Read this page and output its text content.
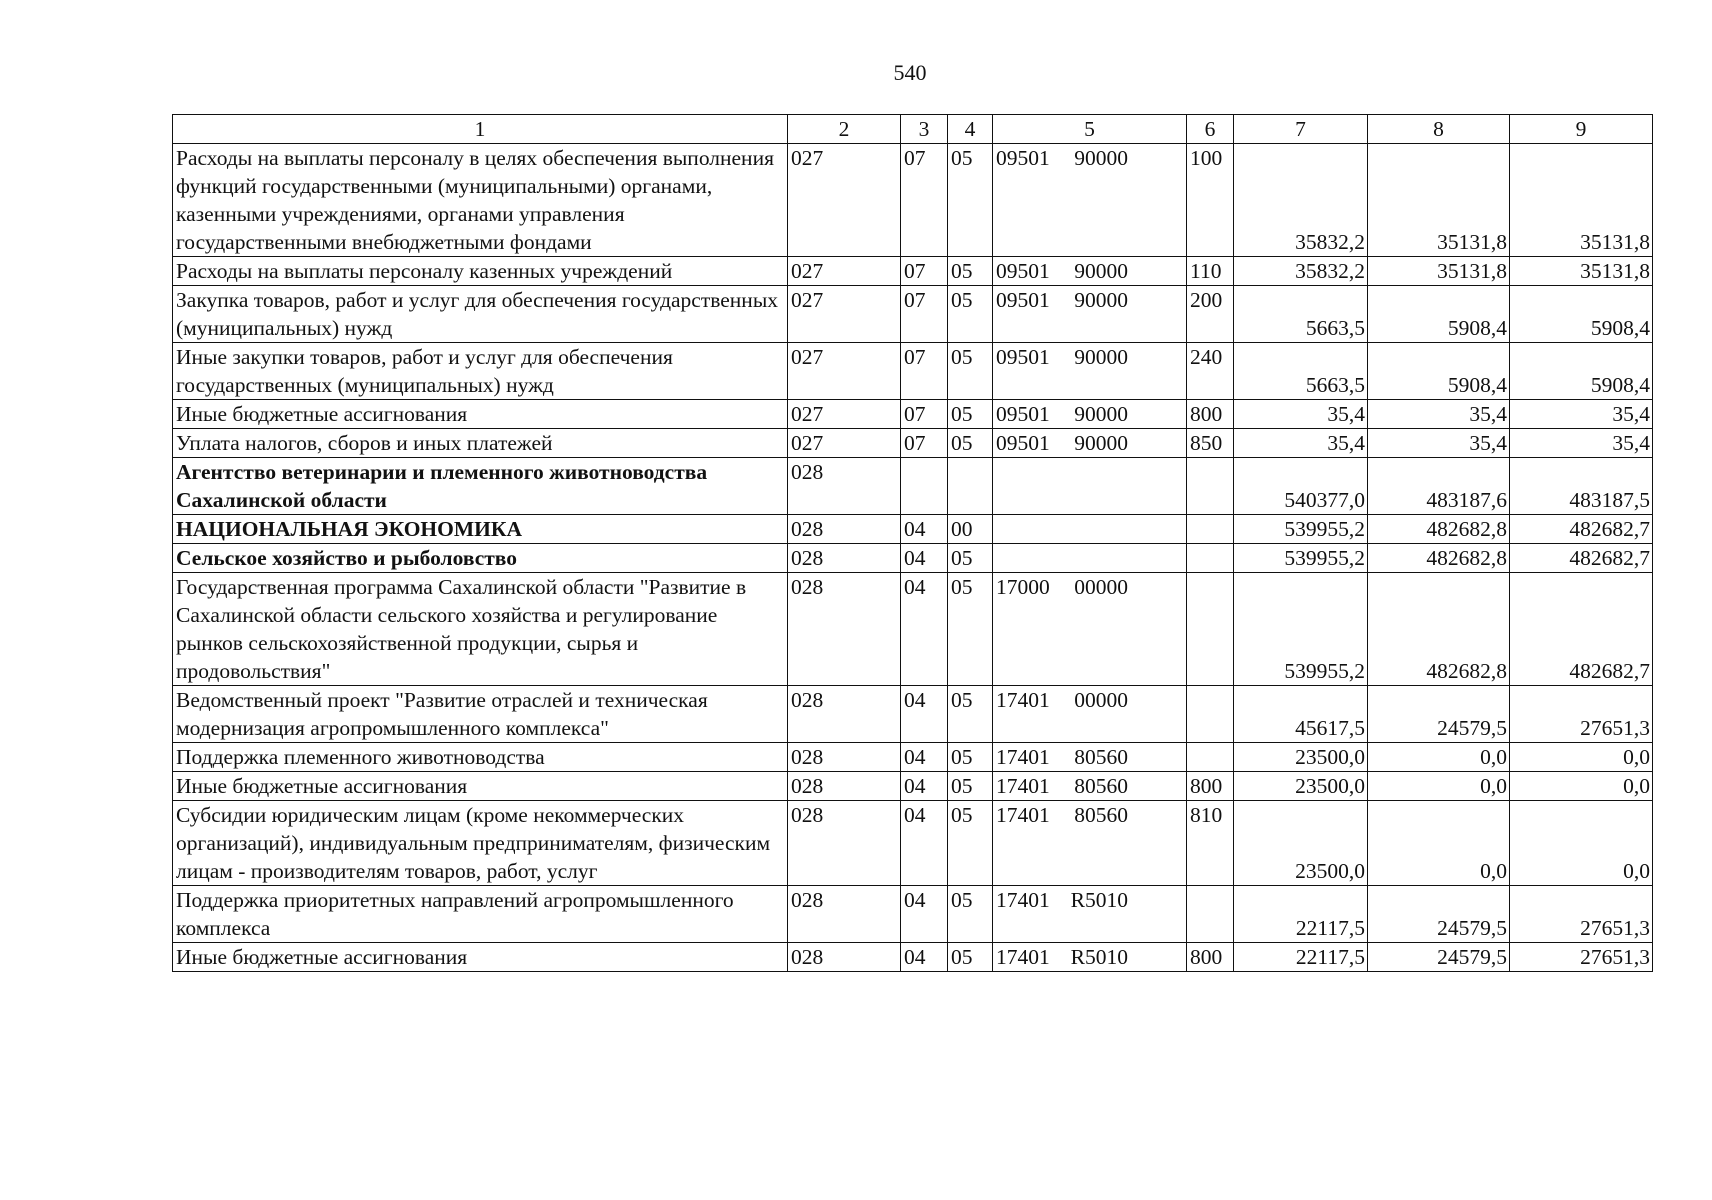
540
1	2	3	4	5	6	7	8	9
Расходы на выплаты персоналу в целях обеспечения выполнения функций государственными (муниципальными) органами, казенными учреждениями, органами управления государственными внебюджетными фондами	027	07	05	09501 90000	100	35832,2	35131,8	35131,8
Расходы на выплаты персоналу казенных учреждений	027	07	05	09501 90000	110	35832,2	35131,8	35131,8
Закупка товаров, работ и услуг для обеспечения государственных (муниципальных) нужд	027	07	05	09501 90000	200	5663,5	5908,4	5908,4
Иные закупки товаров, работ и услуг для обеспечения государственных (муниципальных) нужд	027	07	05	09501 90000	240	5663,5	5908,4	5908,4
Иные бюджетные ассигнования	027	07	05	09501 90000	800	35,4	35,4	35,4
Уплата налогов, сборов и иных платежей	027	07	05	09501 90000	850	35,4	35,4	35,4
Агентство ветеринарии и племенного животноводства Сахалинской области	028					540377,0	483187,6	483187,5
НАЦИОНАЛЬНАЯ ЭКОНОМИКА	028	04	00			539955,2	482682,8	482682,7
Сельское хозяйство и рыболовство	028	04	05			539955,2	482682,8	482682,7
Государственная программа Сахалинской области "Развитие в Сахалинской области сельского хозяйства и регулирование рынков сельскохозяйственной продукции, сырья и продовольствия"	028	04	05	17000 00000		539955,2	482682,8	482682,7
Ведомственный проект "Развитие отраслей и техническая модернизация агропромышленного комплекса"	028	04	05	17401 00000		45617,5	24579,5	27651,3
Поддержка племенного животноводства	028	04	05	17401 80560		23500,0	0,0	0,0
Иные бюджетные ассигнования	028	04	05	17401 80560	800	23500,0	0,0	0,0
Субсидии юридическим лицам (кроме некоммерческих организаций), индивидуальным предпринимателям, физическим лицам - производителям товаров, работ, услуг	028	04	05	17401 80560	810	23500,0	0,0	0,0
Поддержка приоритетных направлений агропромышленного комплекса	028	04	05	17401 R5010		22117,5	24579,5	27651,3
Иные бюджетные ассигнования	028	04	05	17401 R5010	800	22117,5	24579,5	27651,3
